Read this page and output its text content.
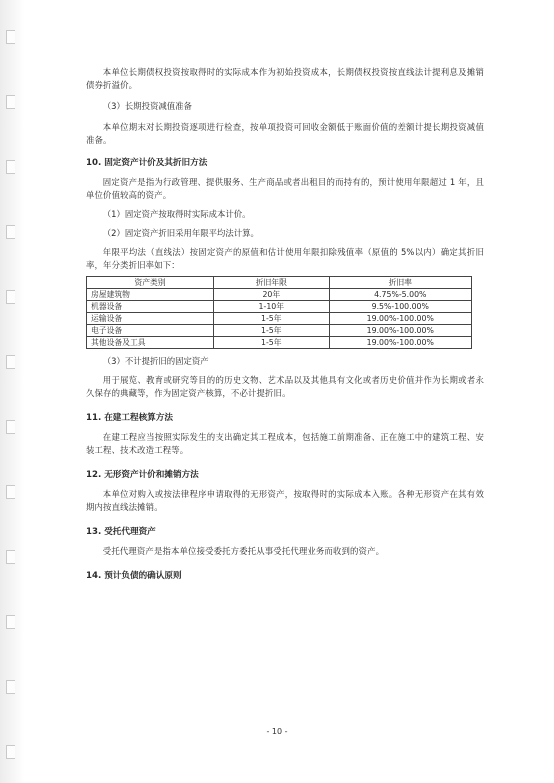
本单位长期债权投资按取得时的实际成本作为初始投资成本，长期债权投资按直线法计提利息及摊销债券折溢价。

（3）长期投资减值准备

本单位期末对长期投资逐项进行检查，按单项投资可回收金额低于账面价值的差额计提长期投资减值准备。

10. 固定资产计价及其折旧方法

固定资产是指为行政管理、提供服务、生产商品或者出租目的而持有的，预计使用年限超过 1 年，且单位价值较高的资产。

（1）固定资产按取得时实际成本计价。

（2）固定资产折旧采用年限平均法计算。

年限平均法（直线法）按固定资产的原值和估计使用年限扣除残值率（原值的 5%以内）确定其折旧率，年分类折旧率如下：

资产类别	折旧年限	折旧率
房屋建筑物	20年	4.75%-5.00%
机器设备	1-10年	9.5%-100.00%
运输设备	1-5年	19.00%-100.00%
电子设备	1-5年	19.00%-100.00%
其他设备及工具	1-5年	19.00%-100.00%

（3）不计提折旧的固定资产

用于展览、教育或研究等目的的历史文物、艺术品以及其他具有文化或者历史价值并作为长期或者永久保存的典藏等，作为固定资产核算，不必计提折旧。

11. 在建工程核算方法

在建工程应当按照实际发生的支出确定其工程成本，包括施工前期准备、正在施工中的建筑工程、安装工程、技术改造工程等。

12. 无形资产计价和摊销方法

本单位对购入或按法律程序申请取得的无形资产，按取得时的实际成本入账。各种无形资产在其有效期内按直线法摊销。

13. 受托代理资产

受托代理资产是指本单位接受委托方委托从事受托代理业务而收到的资产。

14. 预计负债的确认原则

- 10 -
